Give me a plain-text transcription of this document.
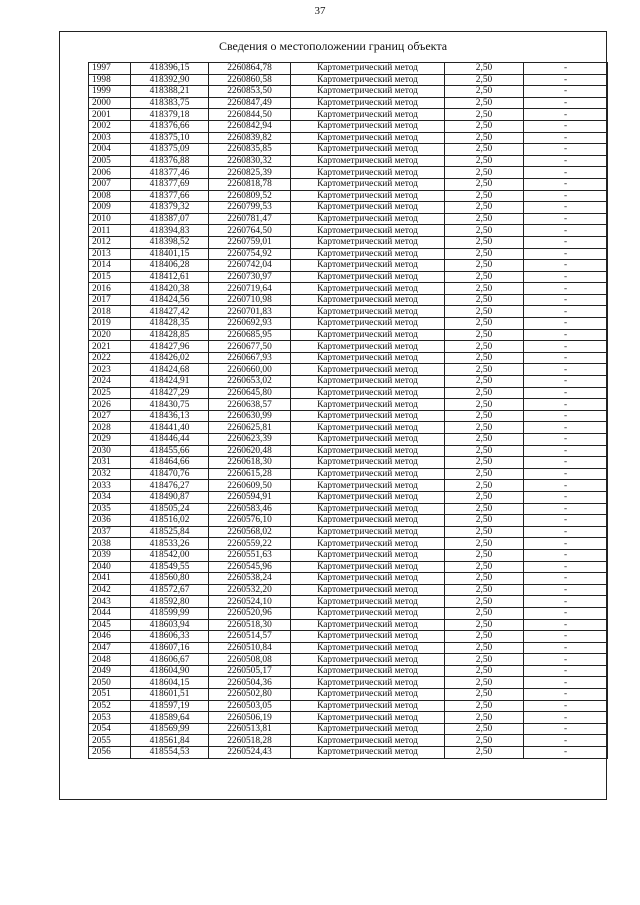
37
Сведения о местоположении границ объекта
1997	418396,15	2260864,78	Картометрический метод	2,50	-
1998	418392,90	2260860,58	Картометрический метод	2,50	-
1999	418388,21	2260853,50	Картометрический метод	2,50	-
2000	418383,75	2260847,49	Картометрический метод	2,50	-
2001	418379,18	2260844,50	Картометрический метод	2,50	-
2002	418376,66	2260842,94	Картометрический метод	2,50	-
2003	418375,10	2260839,82	Картометрический метод	2,50	-
2004	418375,09	2260835,85	Картометрический метод	2,50	-
2005	418376,88	2260830,32	Картометрический метод	2,50	-
2006	418377,46	2260825,39	Картометрический метод	2,50	-
2007	418377,69	2260818,78	Картометрический метод	2,50	-
2008	418377,66	2260809,52	Картометрический метод	2,50	-
2009	418379,32	2260799,53	Картометрический метод	2,50	-
2010	418387,07	2260781,47	Картометрический метод	2,50	-
2011	418394,83	2260764,50	Картометрический метод	2,50	-
2012	418398,52	2260759,01	Картометрический метод	2,50	-
2013	418401,15	2260754,92	Картометрический метод	2,50	-
2014	418406,28	2260742,04	Картометрический метод	2,50	-
2015	418412,61	2260730,97	Картометрический метод	2,50	-
2016	418420,38	2260719,64	Картометрический метод	2,50	-
2017	418424,56	2260710,98	Картометрический метод	2,50	-
2018	418427,42	2260701,83	Картометрический метод	2,50	-
2019	418428,35	2260692,93	Картометрический метод	2,50	-
2020	418428,85	2260685,95	Картометрический метод	2,50	-
2021	418427,96	2260677,50	Картометрический метод	2,50	-
2022	418426,02	2260667,93	Картометрический метод	2,50	-
2023	418424,68	2260660,00	Картометрический метод	2,50	-
2024	418424,91	2260653,02	Картометрический метод	2,50	-
2025	418427,29	2260645,80	Картометрический метод	2,50	-
2026	418430,75	2260638,57	Картометрический метод	2,50	-
2027	418436,13	2260630,99	Картометрический метод	2,50	-
2028	418441,40	2260625,81	Картометрический метод	2,50	-
2029	418446,44	2260623,39	Картометрический метод	2,50	-
2030	418455,66	2260620,48	Картометрический метод	2,50	-
2031	418464,66	2260618,30	Картометрический метод	2,50	-
2032	418470,76	2260615,28	Картометрический метод	2,50	-
2033	418476,27	2260609,50	Картометрический метод	2,50	-
2034	418490,87	2260594,91	Картометрический метод	2,50	-
2035	418505,24	2260583,46	Картометрический метод	2,50	-
2036	418516,02	2260576,10	Картометрический метод	2,50	-
2037	418525,84	2260568,02	Картометрический метод	2,50	-
2038	418533,26	2260559,22	Картометрический метод	2,50	-
2039	418542,00	2260551,63	Картометрический метод	2,50	-
2040	418549,55	2260545,96	Картометрический метод	2,50	-
2041	418560,80	2260538,24	Картометрический метод	2,50	-
2042	418572,67	2260532,20	Картометрический метод	2,50	-
2043	418592,80	2260524,10	Картометрический метод	2,50	-
2044	418599,99	2260520,96	Картометрический метод	2,50	-
2045	418603,94	2260518,30	Картометрический метод	2,50	-
2046	418606,33	2260514,57	Картометрический метод	2,50	-
2047	418607,16	2260510,84	Картометрический метод	2,50	-
2048	418606,67	2260508,08	Картометрический метод	2,50	-
2049	418604,90	2260505,17	Картометрический метод	2,50	-
2050	418604,15	2260504,36	Картометрический метод	2,50	-
2051	418601,51	2260502,80	Картометрический метод	2,50	-
2052	418597,19	2260503,05	Картометрический метод	2,50	-
2053	418589,64	2260506,19	Картометрический метод	2,50	-
2054	418569,99	2260513,81	Картометрический метод	2,50	-
2055	418561,84	2260518,28	Картометрический метод	2,50	-
2056	418554,53	2260524,43	Картометрический метод	2,50	-
